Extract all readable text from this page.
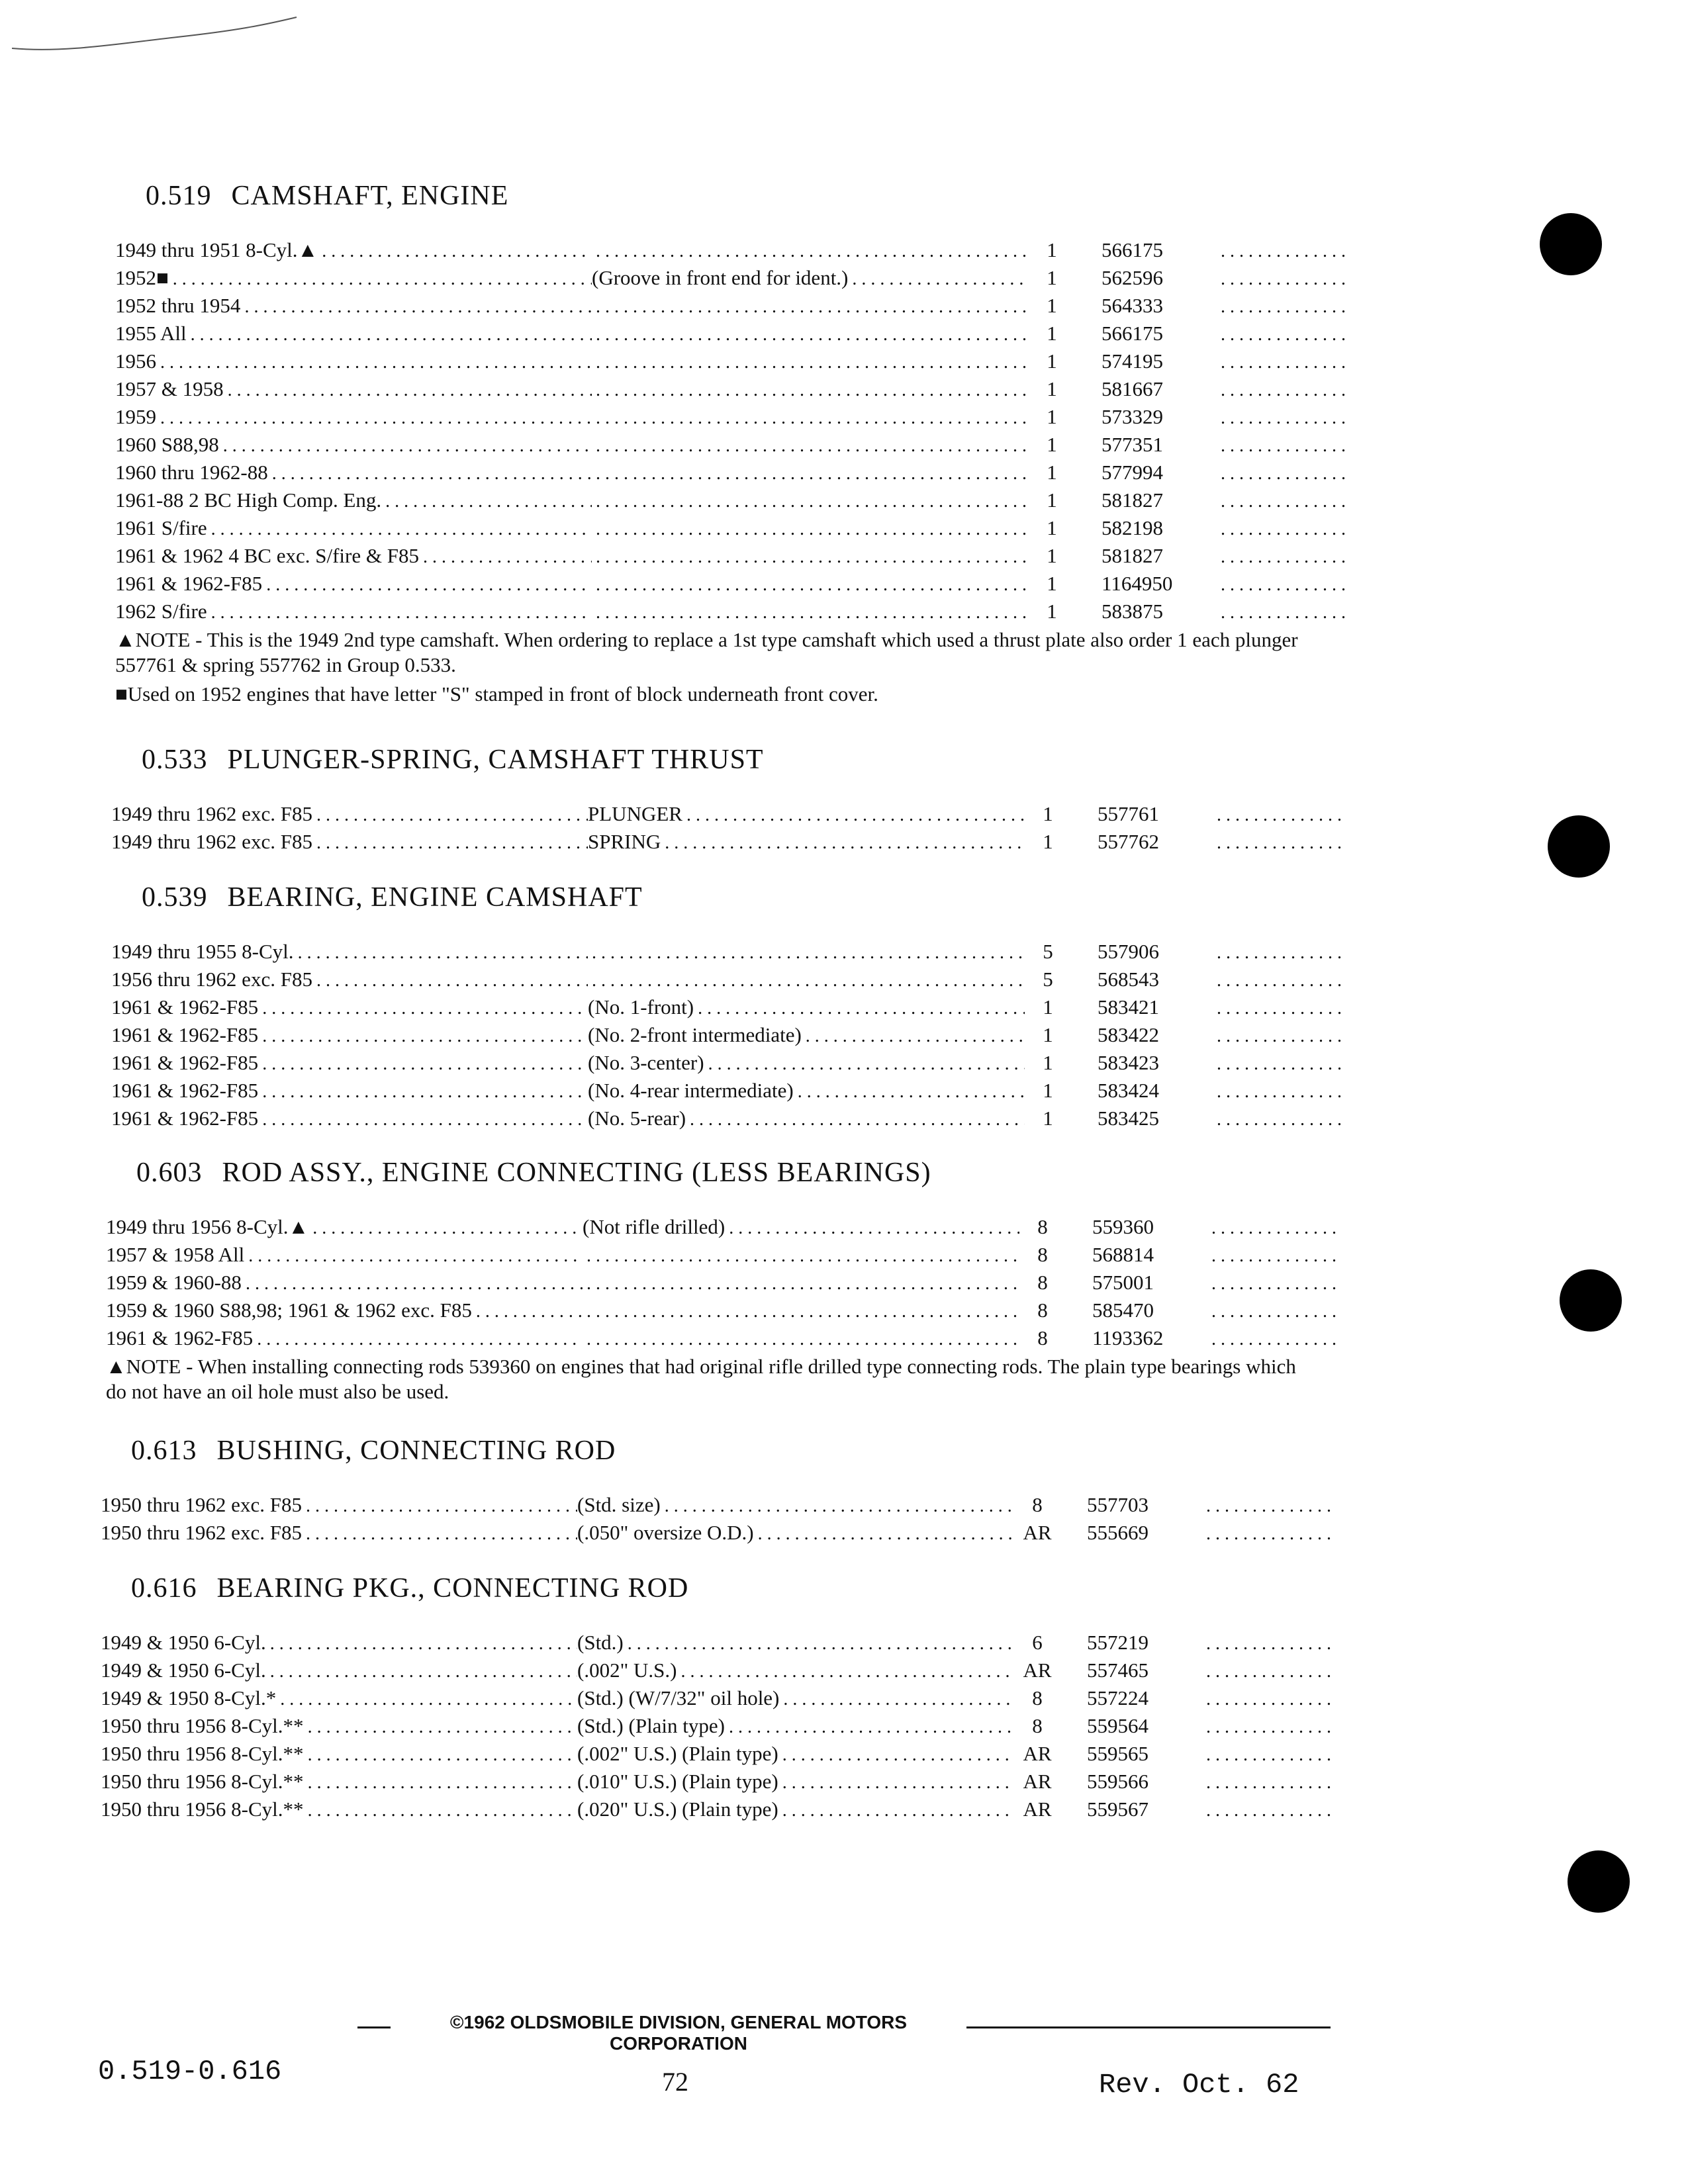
0.519 CAMSHAFT, ENGINE
1949 thru 1951 8-Cyl.▲ . . . . . .	1	566175
. . .
1952■ . . .	(Groove in front end for ident.) . . .	1	562596
. . .
1952 thru 1954 . . . . . .	1	564333
. . .
1955 All . . . . . .	1	566175
. . .
1956 . . . . . .	1	574195
. . .
1957 & 1958 . . . . . .	1	581667
. . .
1959 . . . . . .	1	573329
. . .
1960 S88,98 . . . . . .	1	577351
. . .
1960 thru 1962-88 . . . . . .	1	577994
. . .
1961-88 2 BC High Comp. Eng. . . . . . .	1	581827
. . .
1961 S/fire . . . . . .	1	582198
. . .
1961 & 1962 4 BC exc. S/fire & F85 . . . . . .	1	581827
. . .
1961 & 1962-F85 . . . . . .	1	1164950
. . .
1962 S/fire . . . . . .	1	583875
. . .
▲NOTE - This is the 1949 2nd type camshaft. When ordering to replace a 1st type camshaft which used a thrust plate also order 1 each plunger 557761 & spring 557762 in Group 0.533.
■Used on 1952 engines that have letter "S" stamped in front of block underneath front cover.
0.533 PLUNGER-SPRING, CAMSHAFT THRUST
1949 thru 1962 exc. F85 . . .	PLUNGER . . .	1	557761
. . .
1949 thru 1962 exc. F85 . . .	SPRING . . .	1	557762
. . .
0.539 BEARING, ENGINE CAMSHAFT
1949 thru 1955 8-Cyl. . . . . . .	5	557906
. . .
1956 thru 1962 exc. F85 . . . . . .	5	568543
. . .
1961 & 1962-F85 . . .	(No. 1-front) . . .	1	583421
. . .
1961 & 1962-F85 . . .	(No. 2-front intermediate) . . .	1	583422
. . .
1961 & 1962-F85 . . .	(No. 3-center) . . .	1	583423
. . .
1961 & 1962-F85 . . .	(No. 4-rear intermediate) . . .	1	583424
. . .
1961 & 1962-F85 . . .	(No. 5-rear) . . .	1	583425
. . .
0.603 ROD ASSY., ENGINE CONNECTING (LESS BEARINGS)
1949 thru 1956 8-Cyl.▲ . . .	(Not rifle drilled) . . .	8	559360
. . .
1957 & 1958 All . . . . . .	8	568814
. . .
1959 & 1960-88 . . . . . .	8	575001
. . .
1959 & 1960 S88,98; 1961 & 1962 exc. F85 . . . . . .	8	585470
. . .
1961 & 1962-F85 . . . . . .	8	1193362
. . .
▲NOTE - When installing connecting rods 539360 on engines that had original rifle drilled type connecting rods. The plain type bearings which do not have an oil hole must also be used.
0.613 BUSHING, CONNECTING ROD
1950 thru 1962 exc. F85 . . .	(Std. size) . . .	8	557703
. . .
1950 thru 1962 exc. F85 . . .	(.050" oversize O.D.) . . .	AR	555669
. . .
0.616 BEARING PKG., CONNECTING ROD
1949 & 1950 6-Cyl. . . .	(Std.) . . .	6	557219
. . .
1949 & 1950 6-Cyl. . . .	(.002" U.S.) . . .	AR	557465
. . .
1949 & 1950 8-Cyl.* . . .	(Std.) (W/7/32" oil hole) . . .	8	557224
. . .
1950 thru 1956 8-Cyl.** . . .	(Std.) (Plain type) . . .	8	559564
. . .
1950 thru 1956 8-Cyl.** . . .	(.002" U.S.) (Plain type) . . .	AR	559565
. . .
1950 thru 1956 8-Cyl.** . . .	(.010" U.S.) (Plain type) . . .	AR	559566
. . .
1950 thru 1956 8-Cyl.** . . .	(.020" U.S.) (Plain type) . . .	AR	559567
. . .
©1962 OLDSMOBILE DIVISION, GENERAL MOTORS CORPORATION
0.519-0.616	72	Rev. Oct. 62
